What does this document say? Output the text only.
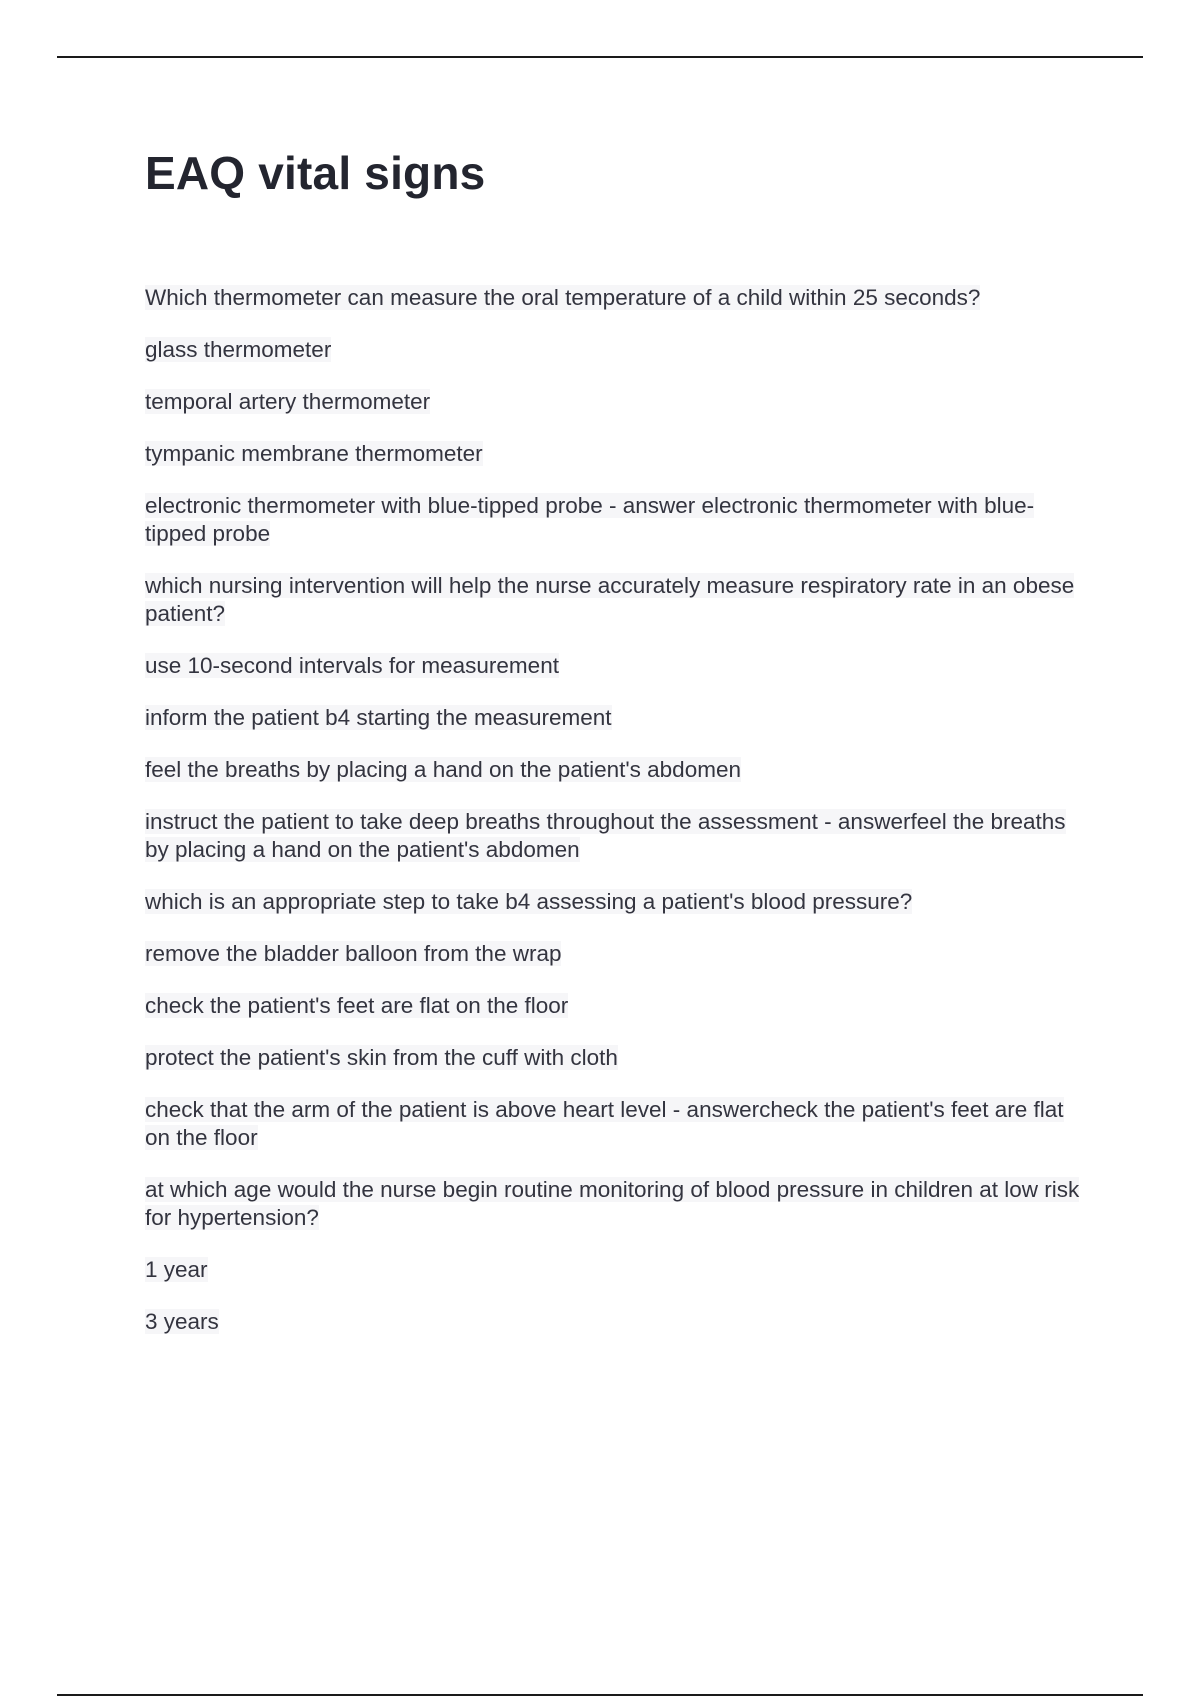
EAQ vital signs

Which thermometer can measure the oral temperature of a child within 25 seconds?

glass thermometer

temporal artery thermometer

tympanic membrane thermometer

electronic thermometer with blue-tipped probe - answer electronic thermometer with blue-tipped probe

which nursing intervention will help the nurse accurately measure respiratory rate in an obese patient?

use 10-second intervals for measurement

inform the patient b4 starting the measurement

feel the breaths by placing a hand on the patient's abdomen

instruct the patient to take deep breaths throughout the assessment - answerfeel the breaths by placing a hand on the patient's abdomen

which is an appropriate step to take b4 assessing a patient's blood pressure?

remove the bladder balloon from the wrap

check the patient's feet are flat on the floor

protect the patient's skin from the cuff with cloth

check that the arm of the patient is above heart level - answercheck the patient's feet are flat on the floor

at which age would the nurse begin routine monitoring of blood pressure in children at low risk for hypertension?

1 year

3 years
